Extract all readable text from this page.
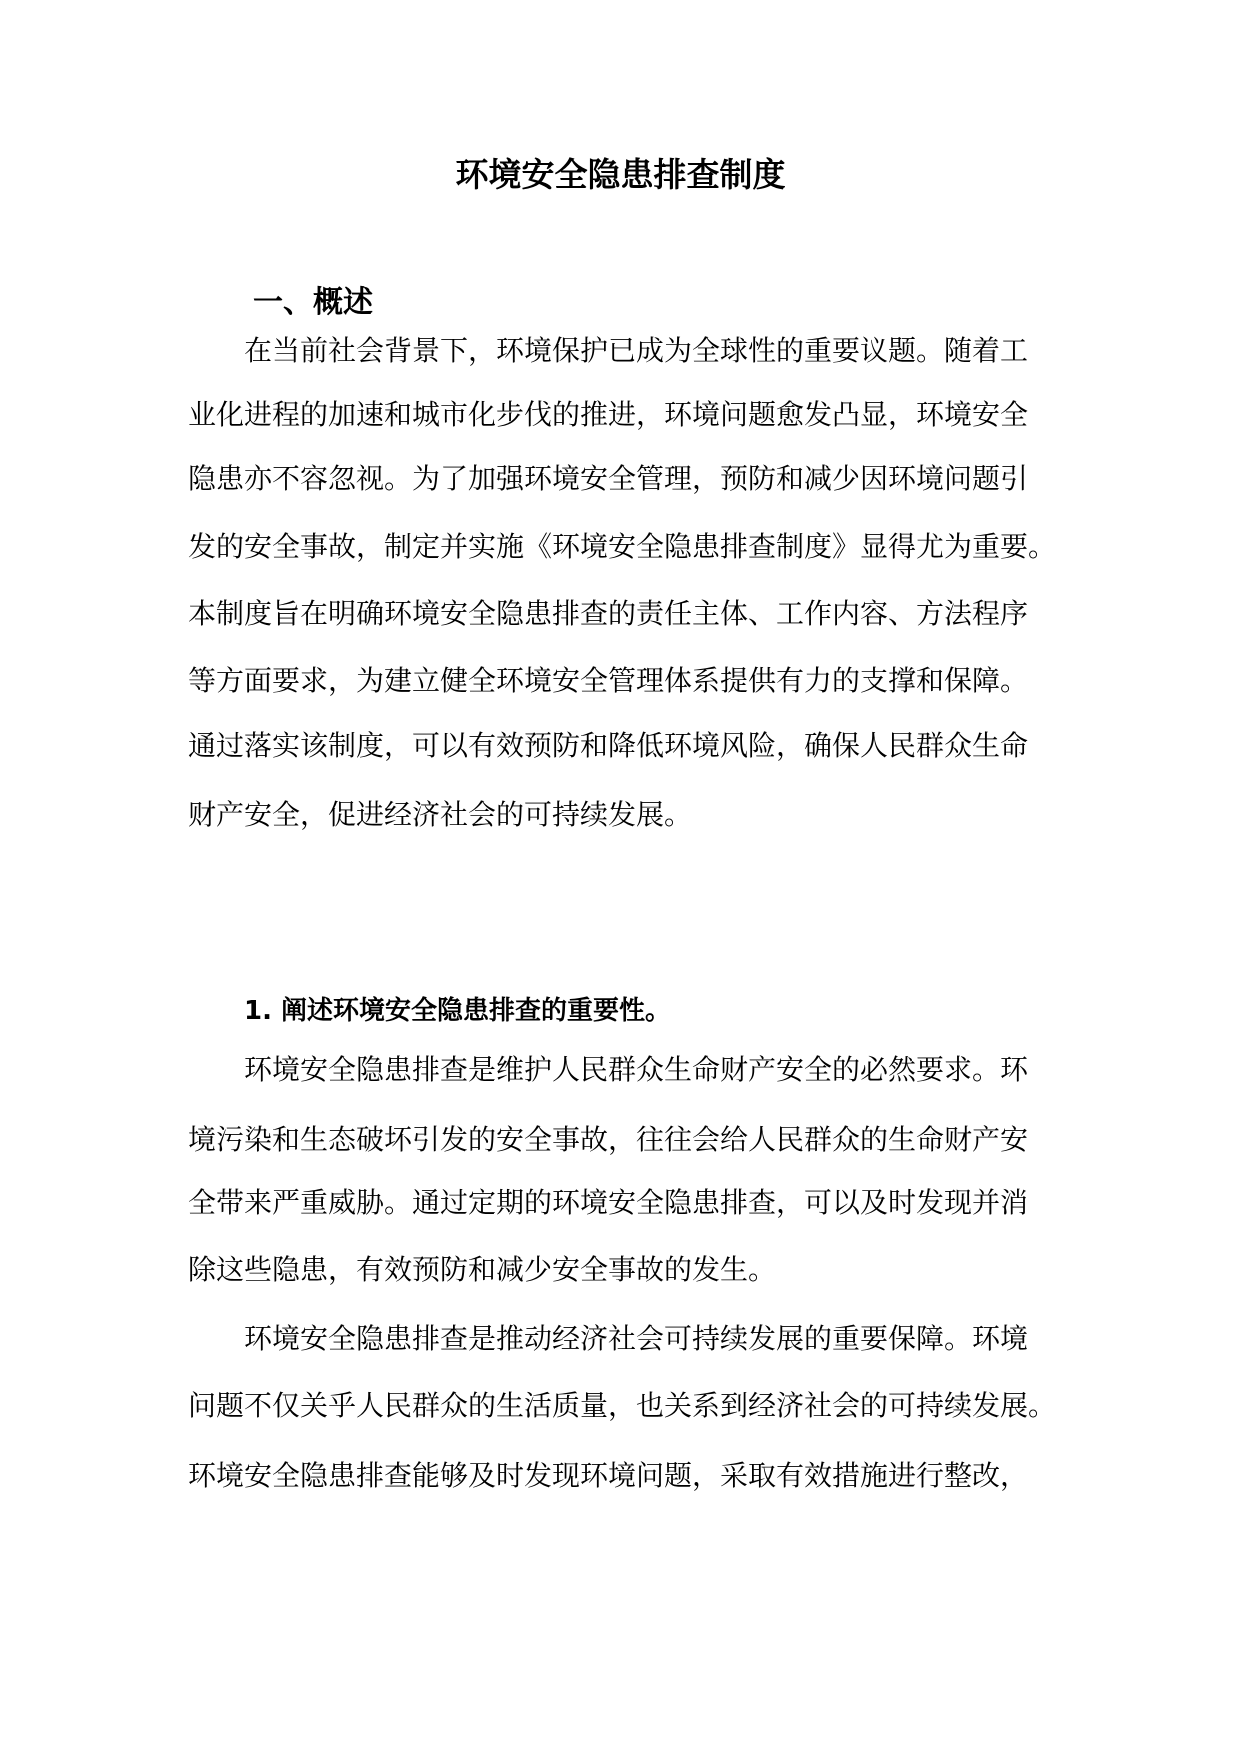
环境安全隐患排查制度
一、概述

在当前社会背景下，环境保护已成为全球性的重要议题。随着工

业化进程的加速和城市化步伐的推进，环境问题愈发凸显，环境安全

隐患亦不容忽视。为了加强环境安全管理，预防和减少因环境问题引

发的安全事故，制定并实施《环境安全隐患排查制度》显得尤为重要。

本制度旨在明确环境安全隐患排查的责任主体、工作内容、方法程序

等方面要求，为建立健全环境安全管理体系提供有力的支撑和保障。

通过落实该制度，可以有效预防和降低环境风险，确保人民群众生命

财产安全，促进经济社会的可持续发展。

1. 阐述环境安全隐患排查的重要性。

环境安全隐患排查是维护人民群众生命财产安全的必然要求。环

境污染和生态破坏引发的安全事故，往往会给人民群众的生命财产安

全带来严重威胁。通过定期的环境安全隐患排查，可以及时发现并消

除这些隐患，有效预防和减少安全事故的发生。

环境安全隐患排查是推动经济社会可持续发展的重要保障。环境

问题不仅关乎人民群众的生活质量，也关系到经济社会的可持续发展。

环境安全隐患排查能够及时发现环境问题，采取有效措施进行整改，
